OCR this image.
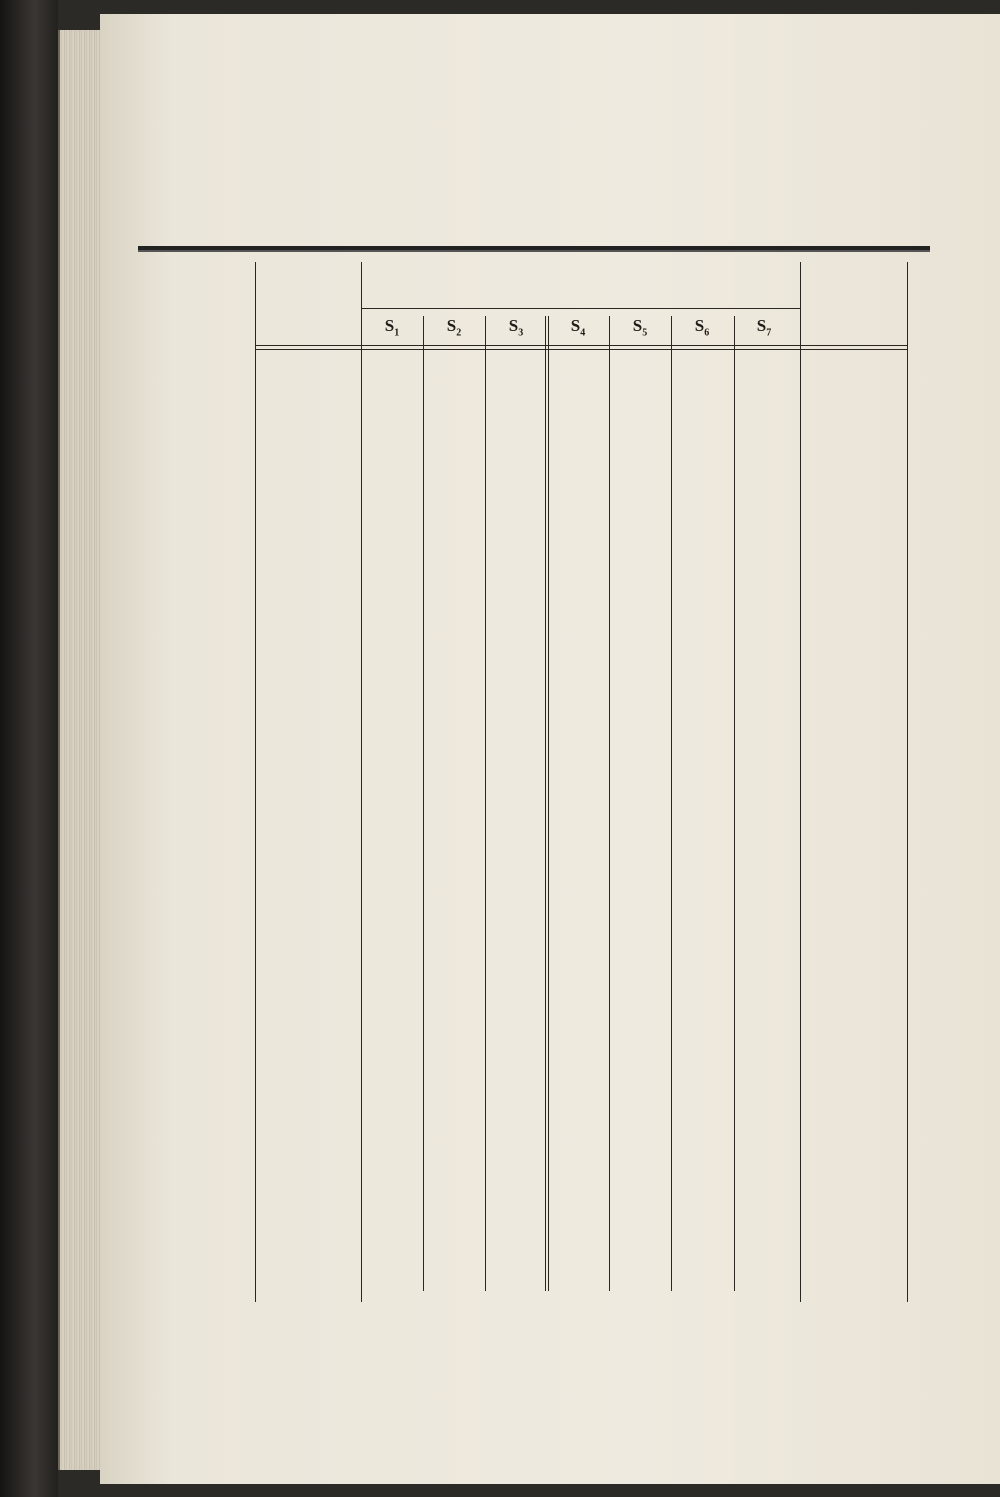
$S_1$	$S_2$	$S_3$	$S_4$	$S_5$	$S_6$	$S_7$
